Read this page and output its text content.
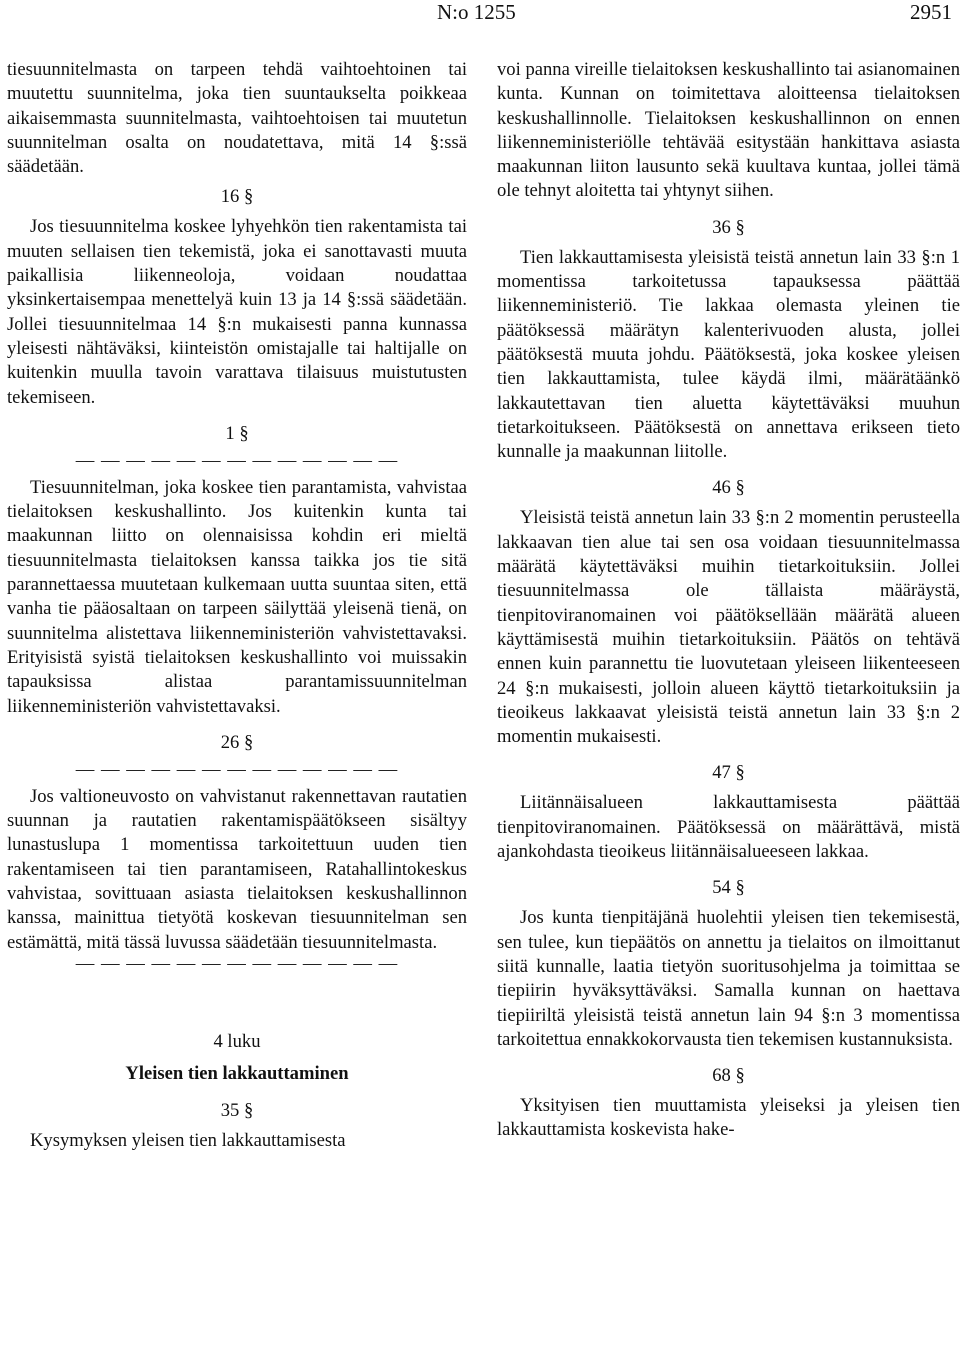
N:o 1255	2951

tiesuunnitelmasta on tarpeen tehdä vaihtoehtoinen tai muutettu suunnitelma, joka tien suuntaukselta poikkeaa aikaisemmasta suunnitelmasta, vaihtoehtoisen tai muutetun suunnitelman osalta on noudatettava, mitä 14 §:ssä säädetään.

16 §

Jos tiesuunnitelma koskee lyhyehkön tien rakentamista tai muuten sellaisen tien tekemistä, joka ei sanottavasti muuta paikallisia liikenneoloja, voidaan noudattaa yksinkertaisempaa menettelyä kuin 13 ja 14 §:ssä säädetään. Jollei tiesuunnitelmaa 14 §:n mukaisesti panna kunnassa yleisesti nähtäväksi, kiinteistön omistajalle tai haltijalle on kuitenkin muulla tavoin varattava tilaisuus muistutusten tekemiseen.

1 §
— — — — — — — — — — — — —

Tiesuunnitelman, joka koskee tien parantamista, vahvistaa tielaitoksen keskushallinto. Jos kuitenkin kunta tai maakunnan liitto on olennaisissa kohdin eri mieltä tiesuunnitelmasta tielaitoksen kanssa taikka jos tie sitä parannettaessa muutetaan kulkemaan uutta suuntaa siten, että vanha tie pääosaltaan on tarpeen säilyttää yleisenä tienä, on suunnitelma alistettava liikenneministeriön vahvistettavaksi. Erityisistä syistä tielaitoksen keskushallinto voi muissakin tapauksissa alistaa parantamissuunnitelman liikenneministeriön vahvistettavaksi.

26 §
— — — — — — — — — — — — —

Jos valtioneuvosto on vahvistanut rakennettavan rautatien suunnan ja rautatien rakentamispäätökseen sisältyy lunastuslupa 1 momentissa tarkoitettuun uuden tien rakentamiseen tai tien parantamiseen, Ratahallintokeskus vahvistaa, sovittuaan asiasta tielaitoksen keskushallinnon kanssa, mainittua tietyötä koskevan tiesuunnitelman sen estämättä, mitä tässä luvussa säädetään tiesuunnitelmasta.

— — — — — — — — — — — — —
4 luku
Yleisen tien lakkauttaminen
35 §

Kysymyksen yleisen tien lakkauttamisesta

voi panna vireille tielaitoksen keskushallinto tai asianomainen kunta. Kunnan on toimitettava aloitteensa tielaitoksen keskushallinnolle. Tielaitoksen keskushallinnon on ennen liikenneministeriölle tehtävää esitystään hankittava asiasta maakunnan liiton lausunto sekä kuultava kuntaa, jollei tämä ole tehnyt aloitetta tai yhtynyt siihen.

36 §

Tien lakkauttamisesta yleisistä teistä annetun lain 33 §:n 1 momentissa tarkoitetussa tapauksessa päättää liikenneministeriö. Tie lakkaa olemasta yleinen tie päätöksessä määrätyn kalenterivuoden alusta, jollei päätöksestä muuta johdu. Päätöksestä, joka koskee yleisen tien lakkauttamista, tulee käydä ilmi, määrätäänkö lakkautettavan tien aluetta käytettäväksi muuhun tietarkoitukseen. Päätöksestä on annettava erikseen tieto kunnalle ja maakunnan liitolle.

46 §

Yleisistä teistä annetun lain 33 §:n 2 momentin perusteella lakkaavan tien alue tai sen osa voidaan tiesuunnitelmassa määrätä käytettäväksi muihin tietarkoituksiin. Jollei tiesuunnitelmassa ole tällaista määräystä, tienpitoviranomainen voi päätöksellään määrätä alueen käyttämisestä muihin tietarkoituksiin. Päätös on tehtävä ennen kuin parannettu tie luovutetaan yleiseen liikenteeseen 24 §:n mukaisesti, jolloin alueen käyttö tietarkoituksiin ja tieoikeus lakkaavat yleisistä teistä annetun lain 33 §:n 2 momentin mukaisesti.

47 §

Liitännäisalueen lakkauttamisesta päättää tienpitoviranomainen. Päätöksessä on määrättävä, mistä ajankohdasta tieoikeus liitännäisalueeseen lakkaa.

54 §

Jos kunta tienpitäjänä huolehtii yleisen tien tekemisestä, sen tulee, kun tiepäätös on annettu ja tielaitos on ilmoittanut siitä kunnalle, laatia tietyön suoritusohjelma ja toimittaa se tiepiirin hyväksyttäväksi. Samalla kunnan on haettava tiepiiriltä yleisistä teistä annetun lain 94 §:n 3 momentissa tarkoitettua ennakkokorvausta tien tekemisen kustannuksista.

68 §

Yksityisen tien muuttamista yleiseksi ja yleisen tien lakkauttamista koskevista hake-
